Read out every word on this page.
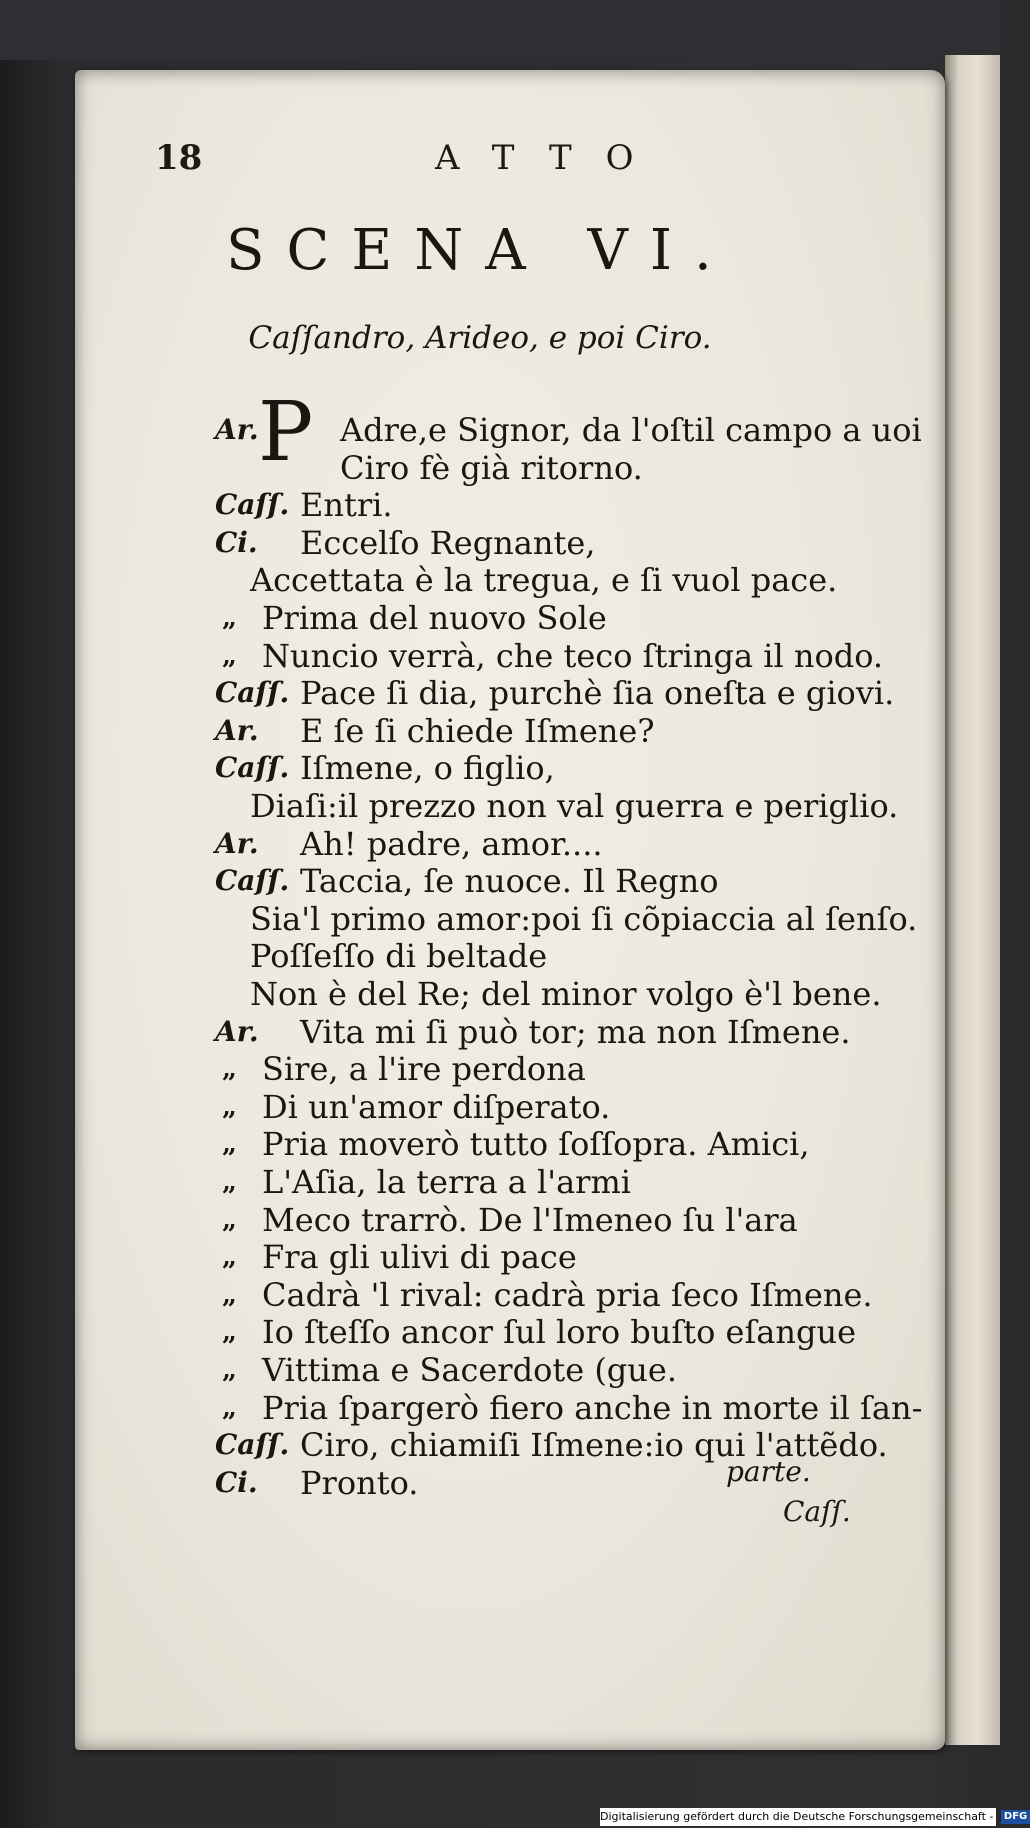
18	ATTO
SCENA VI.
Caſſandro, Arideo, e poi Ciro.
P
Ar.	Adre,e Signor, da l'oſtil campo a uoi
Ciro fè già ritorno.
Caſſ. Entri.
Ci. Eccelſo Regnante,
Accettata è la tregua, e ſi vuol pace.
„ Prima del nuovo Sole
„ Nuncio verrà, che teco ſtringa il nodo.
Caſſ. Pace ſi dia, purchè ſia oneſta e giovi.
Ar. E ſe ſi chiede Iſmene?
Caſſ. Iſmene, o figlio,
Diaſi:il prezzo non val guerra e periglio.
Ar. Ah! padre, amor....
Caſſ. Taccia, ſe nuoce. Il Regno
Sia'l primo amor:poi ſi cõpiaccia al ſenſo.
Poſſeſſo di beltade
Non è del Re; del minor volgo è'l bene.
Ar. Vita mi ſi può tor; ma non Iſmene.
„ Sire, a l'ire perdona
„ Di un'amor diſperato.
„ Pria moverò tutto ſoſſopra. Amici,
„ L'Aſia, la terra a l'armi
„ Meco trarrò. De l'Imeneo ſu l'ara
„ Fra gli ulivi di pace
„ Cadrà 'l rival: cadrà pria ſeco Iſmene.
„ Io ſteſſo ancor ſul loro buſto eſangue
„ Vittima e Sacerdote (gue.
„ Pria ſpargerò fiero anche in morte il ſan-
Caſſ. Ciro, chiamiſi Iſmene:io qui l'attẽdo.
Ci. Pronto.	parte.
Caſſ.
Digitalisierung gefördert durch die Deutsche Forschungsgemeinschaft - DFG
